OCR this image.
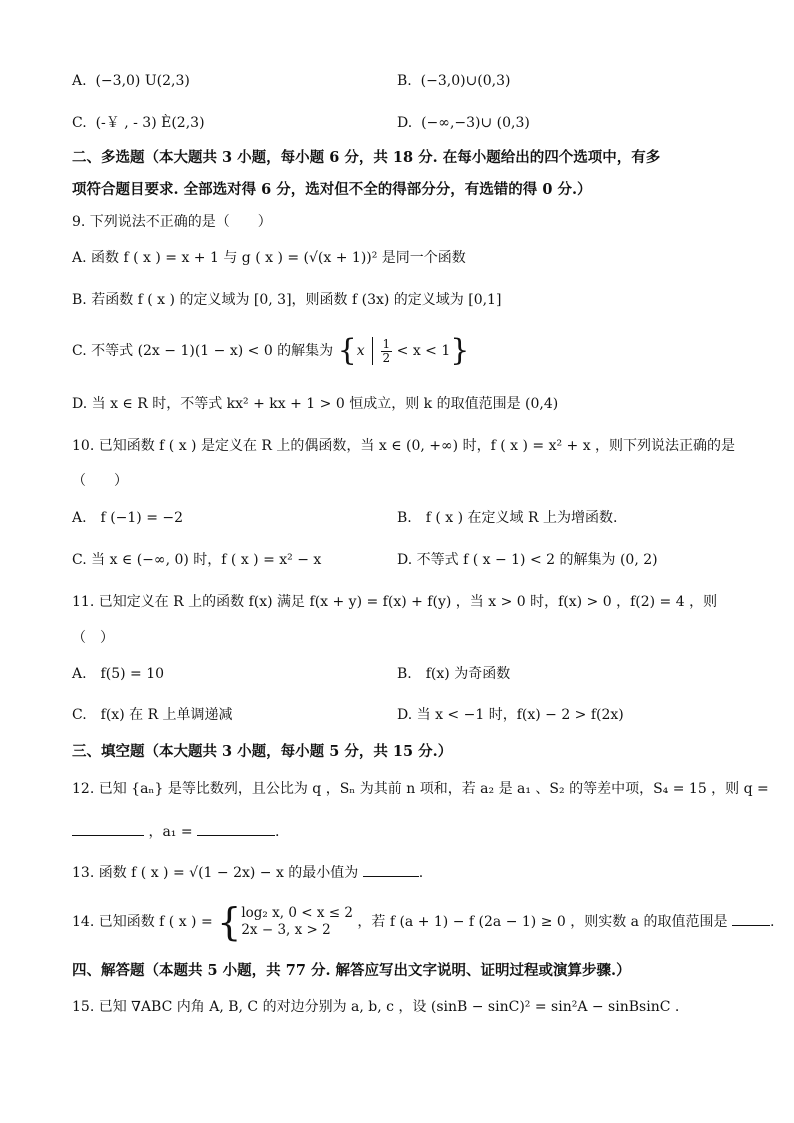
A. (−3,0) U(2,3)	B. (−3,0)∪(0,3)
C. (-￥ , - 3) È(2,3)	D. (−∞,−3)∪ (0,3)
二、多选题（本大题共 3 小题，每小题 6 分，共 18 分. 在每小题给出的四个选项中，有多
项符合题目要求. 全部选对得 6 分，选对但不全的得部分分，有选错的得 0 分.）
9. 下列说法不正确的是（　　）
A. 函数 f ( x ) = x + 1 与 g ( x ) = (√(x + 1))² 是同一个函数
B. 若函数 f ( x ) 的定义域为 [0, 3]，则函数 f (3x) 的定义域为 [0,1]
C. 不等式 (2x − 1)(1 − x) < 0 的解集为 $\{x \frac{1}{2} < x < 1\}$
D. 当 x ∈ R 时，不等式 kx² + kx + 1 > 0 恒成立，则 k 的取值范围是 (0,4)
10. 已知函数 f ( x ) 是定义在 R 上的偶函数，当 x ∈ (0, +∞) 时，f ( x ) = x² + x ，则下列说法正确的是
（　　）
A.　f (−1) = −2	B.　f ( x ) 在定义域 R 上为增函数.
C. 当 x ∈ (−∞, 0) 时，f ( x ) = x² − x	D. 不等式 f ( x − 1) < 2 的解集为 (0, 2)
11. 已知定义在 R 上的函数 f(x) 满足 f(x + y) = f(x) + f(y) ，当 x > 0 时，f(x) > 0 ，f(2) = 4 ，则
（　）
A.　f(5) = 10	B.　f(x) 为奇函数
C.　f(x) 在 R 上单调递减	D. 当 x < −1 时，f(x) − 2 > f(2x)
三、填空题（本大题共 3 小题，每小题 5 分，共 15 分.）
12. 已知 {aₙ} 是等比数列，且公比为 q ，Sₙ 为其前 n 项和，若 a₂ 是 a₁ 、S₂ 的等差中项，S₄ = 15 ，则 q =
，a₁ =	.
13. 函数 f ( x ) = √(1 − 2x) − x 的最小值为	.
14. 已知函数 f ( x ) = { log₂ x, 0 < x ≤ 2
2x − 3, x > 2	，若 f (a + 1) − f (2a − 1) ≥ 0 ，则实数 a 的取值范围是	.
四、解答题（本题共 5 小题，共 77 分. 解答应写出文字说明、证明过程或演算步骤.）
15. 已知 ∇ABC 内角 A, B, C 的对边分别为 a, b, c ，设 (sinB − sinC)² = sin²A − sinBsinC .
